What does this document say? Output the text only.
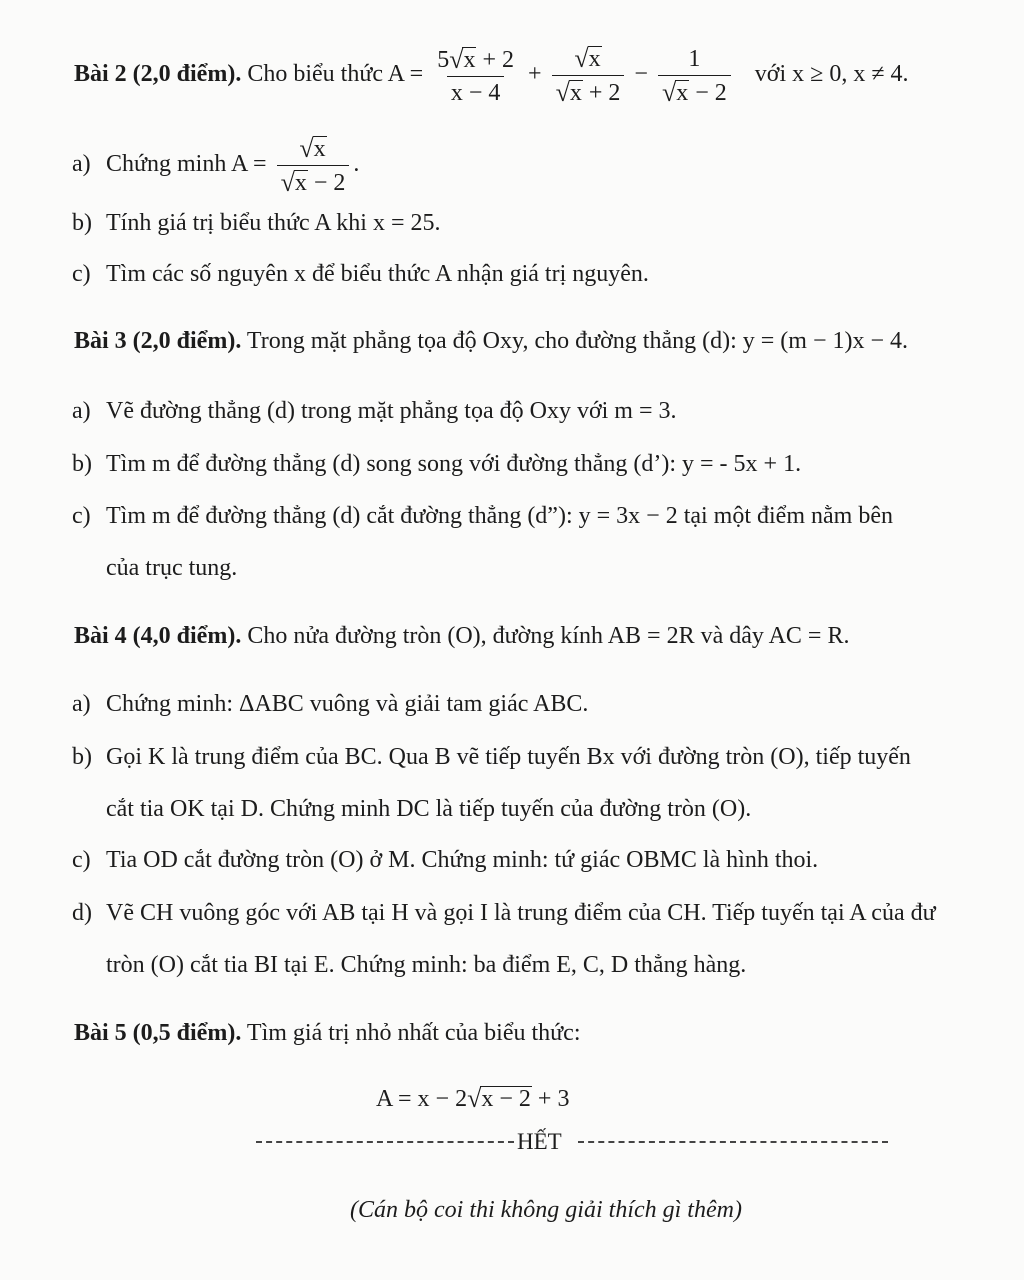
Bài 2 (2,0 điểm). Cho biểu thức $A = \frac{5√x + 2}{x - 4} + \frac{√x}{√x + 2} - \frac{1}{√x - 2}$ với x ≥ 0, x ≠ 4.
a) Chứng minh $A = \frac{√x}{√x - 2}$ .
b) Tính giá trị biểu thức A khi x = 25.
c) Tìm các số nguyên x để biểu thức A nhận giá trị nguyên.
Bài 3 (2,0 điểm). Trong mặt phẳng tọa độ Oxy, cho đường thẳng (d): y = (m − 1)x − 4.
a) Vẽ đường thẳng (d) trong mặt phẳng tọa độ Oxy với m = 3.
b) Tìm m để đường thẳng (d) song song với đường thẳng (d’): y = - 5x + 1.
c) Tìm m để đường thẳng (d) cắt đường thẳng (d”): y = 3x − 2 tại một điểm nằm bên
của trục tung.
Bài 4 (4,0 điểm). Cho nửa đường tròn (O), đường kính AB = 2R và dây AC = R.
a) Chứng minh: ΔABC vuông và giải tam giác ABC.
b) Gọi K là trung điểm của BC. Qua B vẽ tiếp tuyến Bx với đường tròn (O), tiếp tuyến
cắt tia OK tại D. Chứng minh DC là tiếp tuyến của đường tròn (O).
c) Tia OD cắt đường tròn (O) ở M. Chứng minh: tứ giác OBMC là hình thoi.
d) Vẽ CH vuông góc với AB tại H và gọi I là trung điểm của CH. Tiếp tuyến tại A của đư
tròn (O) cắt tia BI tại E. Chứng minh: ba điểm E, C, D thẳng hàng.
Bài 5 (0,5 điểm). Tìm giá trị nhỏ nhất của biểu thức:
A = x − 2√x − 2 + 3
HẾT
(Cán bộ coi thi không giải thích gì thêm)
